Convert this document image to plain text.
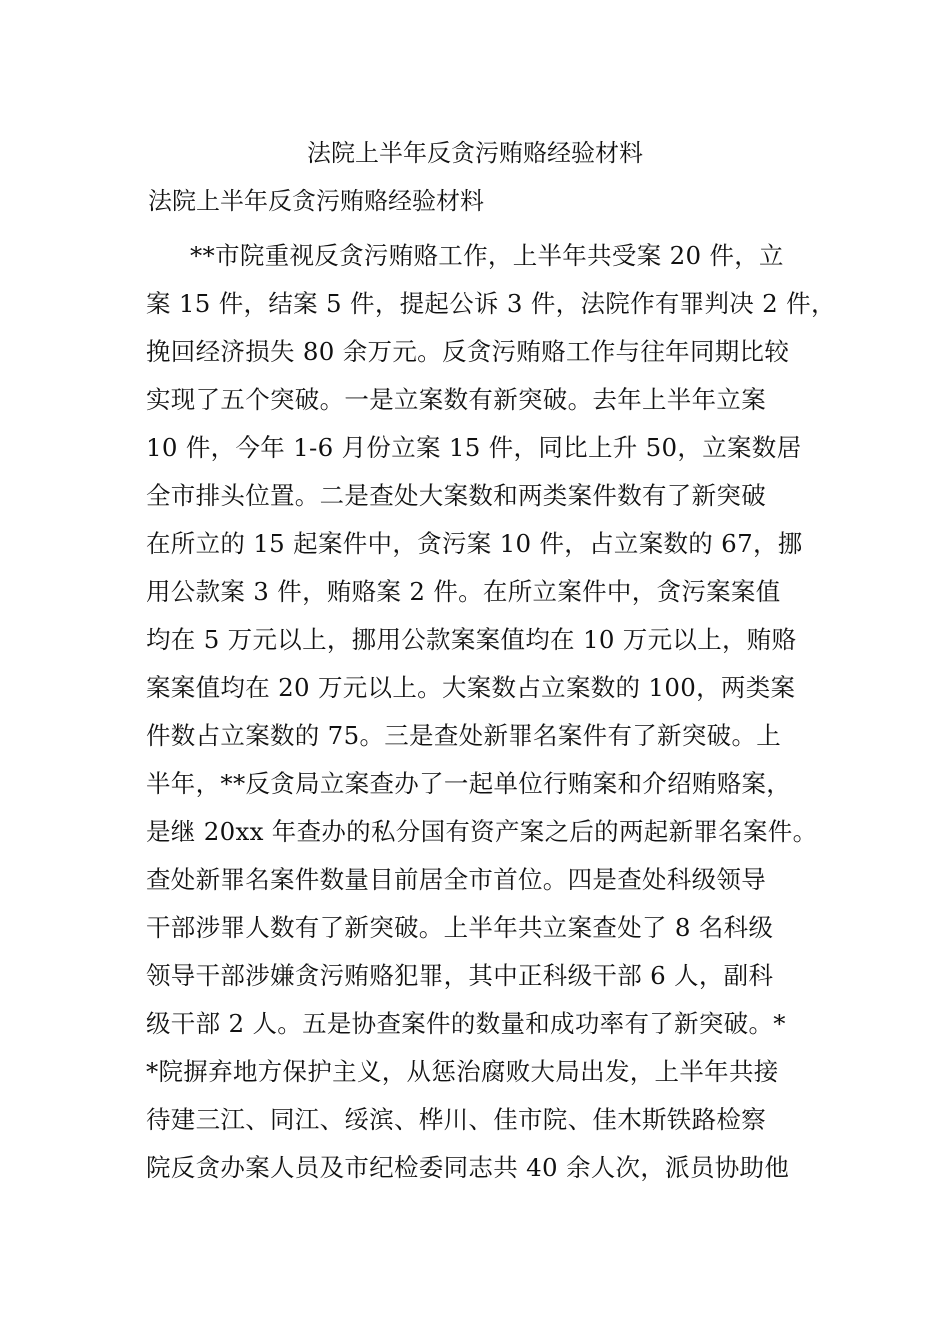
法院上半年反贪污贿赂经验材料
法院上半年反贪污贿赂经验材料
**市院重视反贪污贿赂工作，上半年共受案 20 件，立
案 15 件，结案 5 件，提起公诉 3 件，法院作有罪判决 2 件，
挽回经济损失 80 余万元。反贪污贿赂工作与往年同期比较
实现了五个突破。一是立案数有新突破。去年上半年立案
10 件，今年 1-6 月份立案 15 件，同比上升 50，立案数居
全市排头位置。二是查处大案数和两类案件数有了新突破
在所立的 15 起案件中，贪污案 10 件，占立案数的 67，挪
用公款案 3 件，贿赂案 2 件。在所立案件中，贪污案案值
均在 5 万元以上，挪用公款案案值均在 10 万元以上，贿赂
案案值均在 20 万元以上。大案数占立案数的 100，两类案
件数占立案数的 75。三是查处新罪名案件有了新突破。上
半年，**反贪局立案查办了一起单位行贿案和介绍贿赂案，
是继 20xx 年查办的私分国有资产案之后的两起新罪名案件。
查处新罪名案件数量目前居全市首位。四是查处科级领导
干部涉罪人数有了新突破。上半年共立案查处了 8 名科级
领导干部涉嫌贪污贿赂犯罪，其中正科级干部 6 人，副科
级干部 2 人。五是协查案件的数量和成功率有了新突破。*
*院摒弃地方保护主义，从惩治腐败大局出发，上半年共接
待建三江、同江、绥滨、桦川、佳市院、佳木斯铁路检察
院反贪办案人员及市纪检委同志共 40 余人次，派员协助他
